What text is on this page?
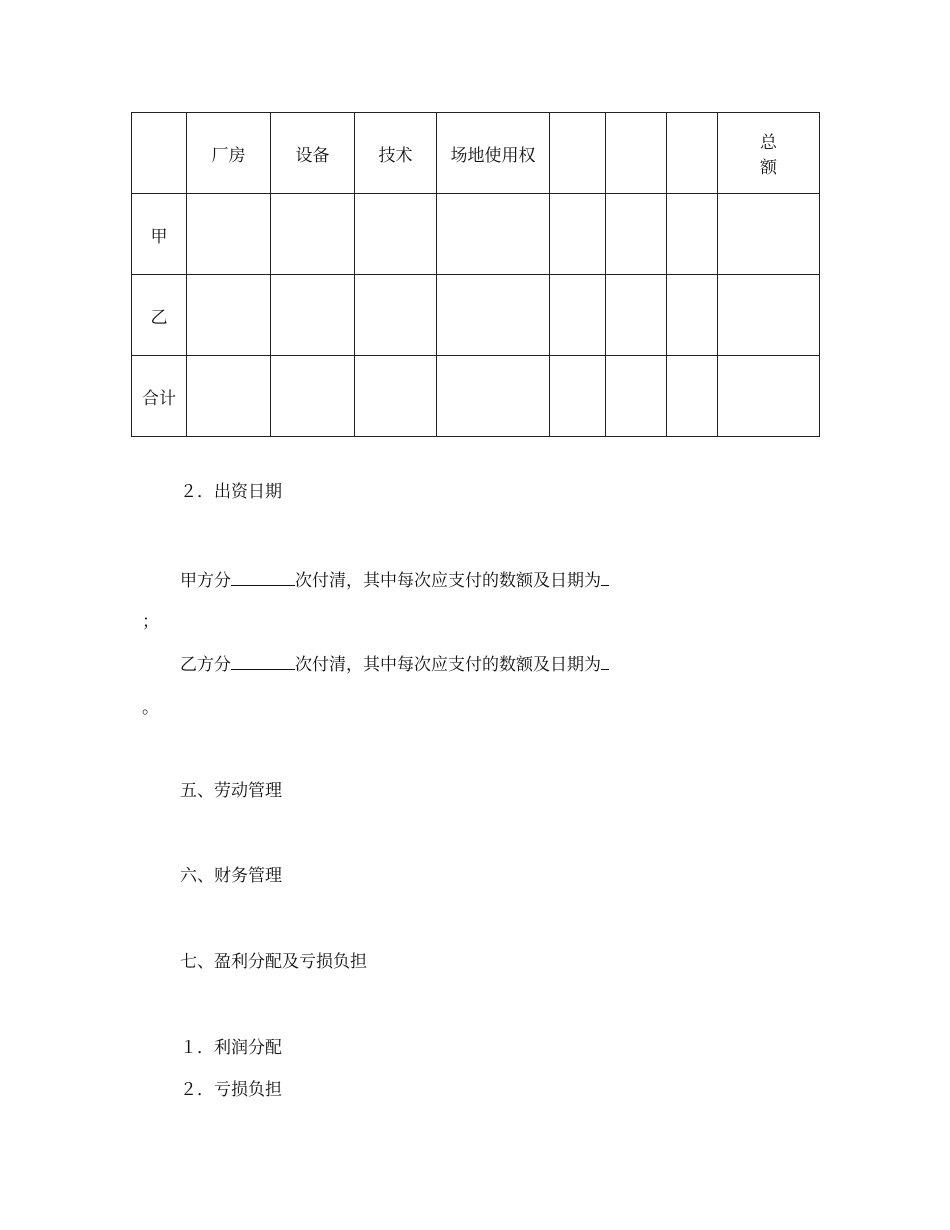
	厂房	设备	技术	场地使用权				总　额
甲								
乙								
合计								
２．出资日期
甲方分	次付清，其中每次应支付的数额及日期为
；
乙方分	次付清，其中每次应支付的数额及日期为
。
五、劳动管理
六、财务管理
七、盈利分配及亏损负担
１．利润分配
２．亏损负担
